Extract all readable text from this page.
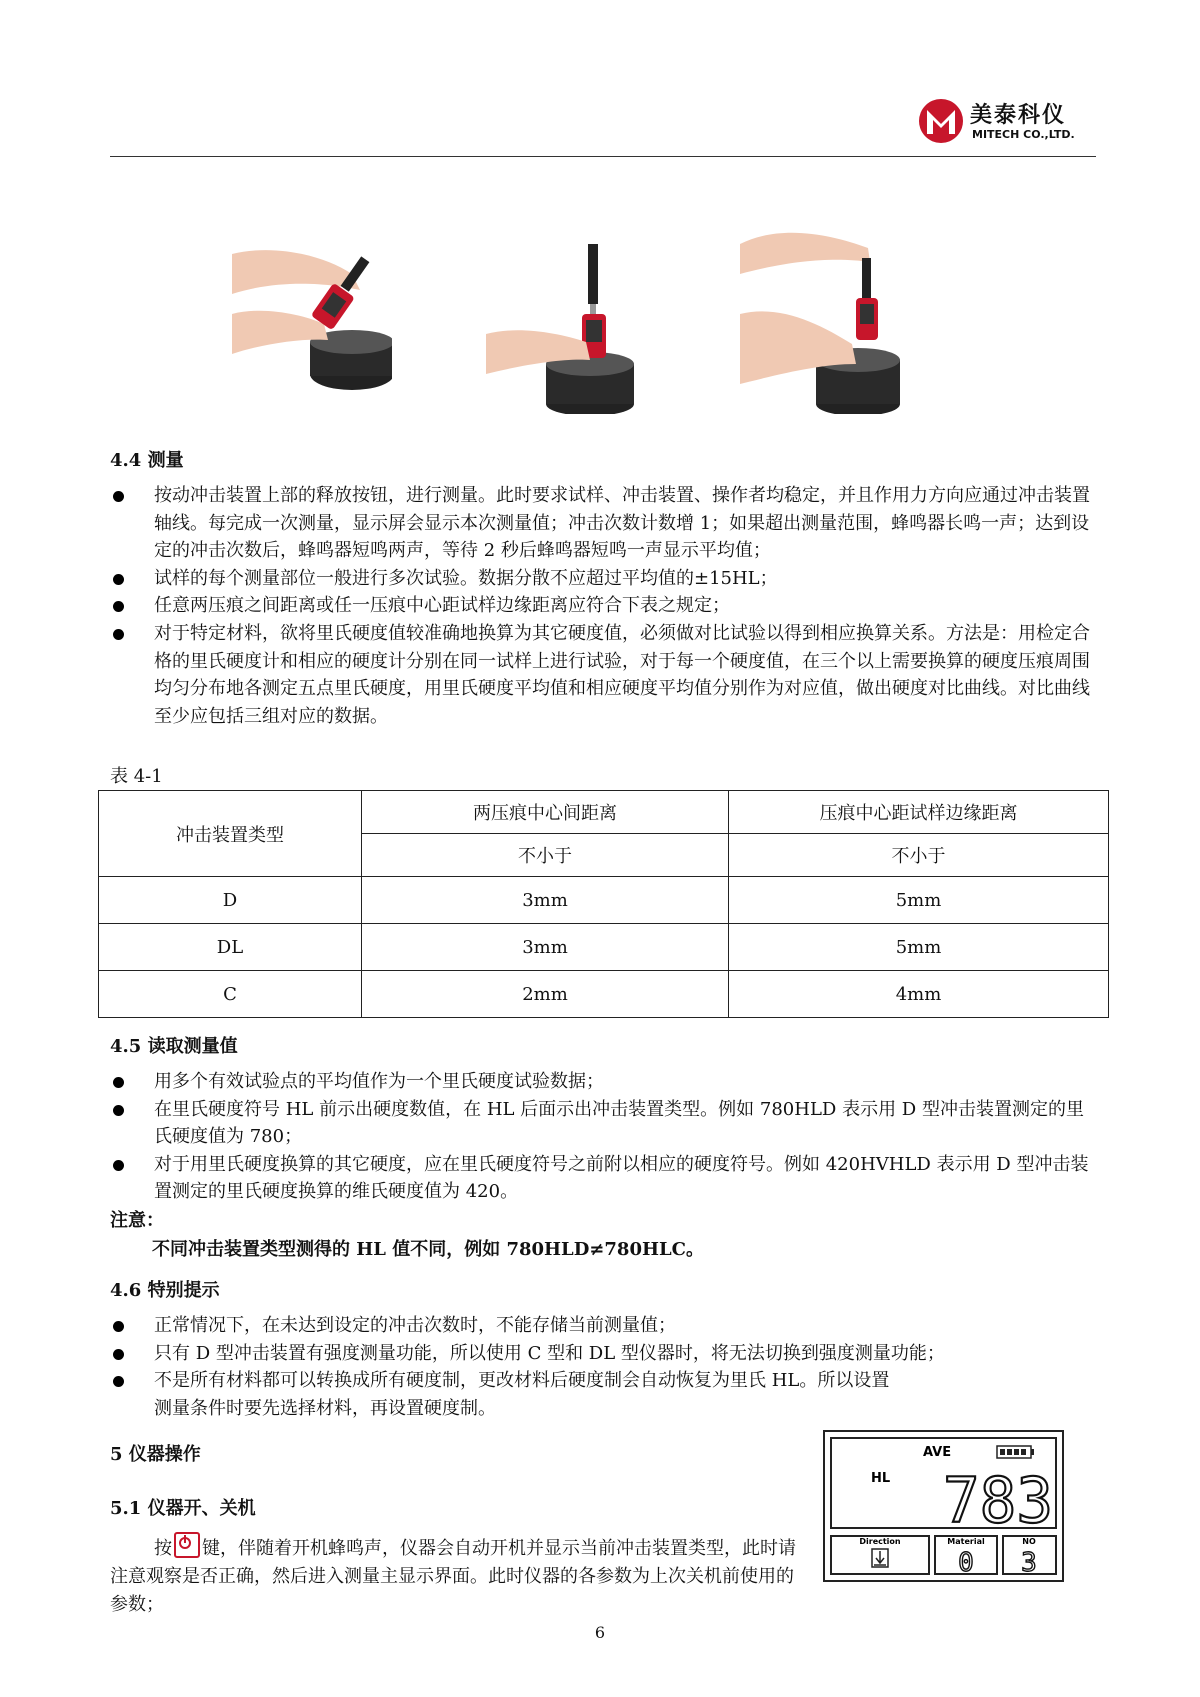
美泰科仪
MITECH CO.,LTD.
4.4 测量
按动冲击装置上部的释放按钮，进行测量。此时要求试样、冲击装置、操作者均稳定，并且作用力方向应通过冲击装置轴线。每完成一次测量，显示屏会显示本次测量值；冲击次数计数增 1；如果超出测量范围，蜂鸣器长鸣一声；达到设定的冲击次数后，蜂鸣器短鸣两声，等待 2 秒后蜂鸣器短鸣一声显示平均值；
试样的每个测量部位一般进行多次试验。数据分散不应超过平均值的±15HL；
任意两压痕之间距离或任一压痕中心距试样边缘距离应符合下表之规定；
对于特定材料，欲将里氏硬度值较准确地换算为其它硬度值，必须做对比试验以得到相应换算关系。方法是：用检定合格的里氏硬度计和相应的硬度计分别在同一试样上进行试验，对于每一个硬度值，在三个以上需要换算的硬度压痕周围均匀分布地各测定五点里氏硬度，用里氏硬度平均值和相应硬度平均值分别作为对应值，做出硬度对比曲线。对比曲线至少应包括三组对应的数据。
表 4-1
冲击装置类型	两压痕中心间距离	压痕中心距试样边缘距离
	不小于	不小于
D	3mm	5mm
DL	3mm	5mm
C	2mm	4mm
4.5 读取测量值
用多个有效试验点的平均值作为一个里氏硬度试验数据；
在里氏硬度符号 HL 前示出硬度数值，在 HL 后面示出冲击装置类型。例如 780HLD 表示用 D 型冲击装置测定的里氏硬度值为 780；
对于用里氏硬度换算的其它硬度，应在里氏硬度符号之前附以相应的硬度符号。例如 420HVHLD 表示用 D 型冲击装置测定的里氏硬度换算的维氏硬度值为 420。
注意：
不同冲击装置类型测得的 HL 值不同，例如 780HLD≠780HLC。
4.6 特别提示
正常情况下，在未达到设定的冲击次数时，不能存储当前测量值；
只有 D 型冲击装置有强度测量功能，所以使用 C 型和 DL 型仪器时，将无法切换到强度测量功能；
不是所有材料都可以转换成所有硬度制，更改材料后硬度制会自动恢复为里氏 HL。所以设置测量条件时要先选择材料，再设置硬度制。
5 仪器操作
5.1 仪器开、关机
按 键，伴随着开机蜂鸣声，仪器会自动开机并显示当前冲击装置类型，此时请注意观察是否正确，然后进入测量主显示界面。此时仪器的各参数为上次关机前使用的参数；
AVE
HL 783
Direction	Material
0
NO
3
6
